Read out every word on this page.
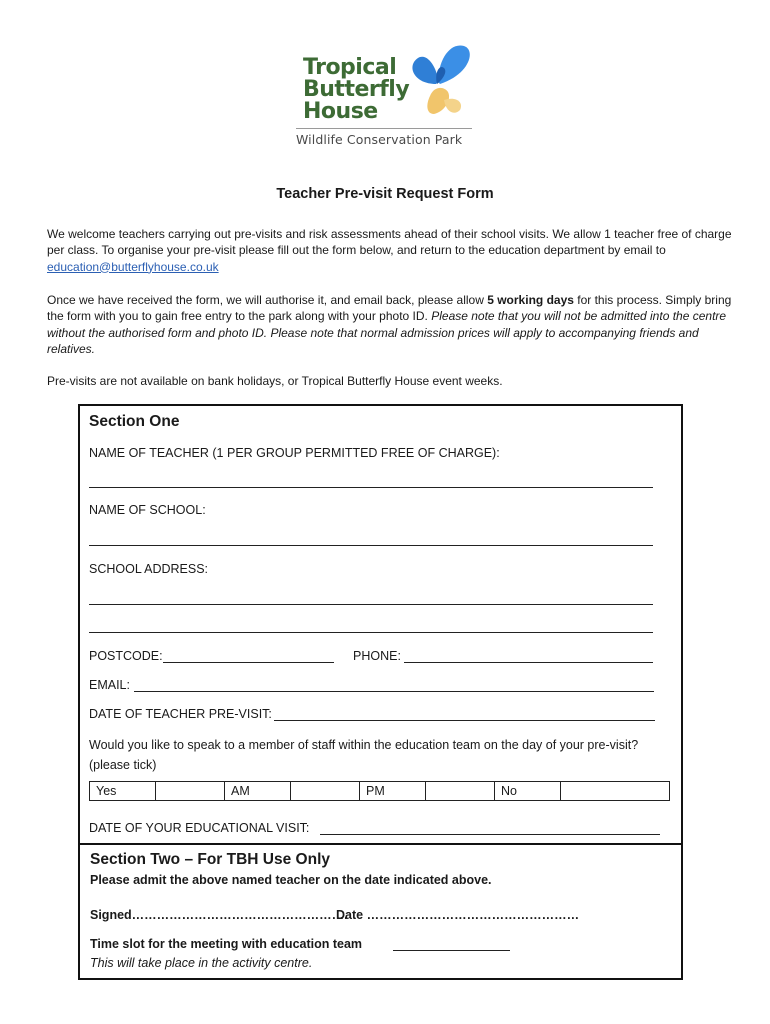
Tropical
Butterfly
House
Wildlife Conservation Park
Teacher Pre-visit Request Form
We welcome teachers carrying out pre-visits and risk assessments ahead of their school visits. We allow 1 teacher free of charge per class. To organise your pre-visit please fill out the form below, and return to the education department by email to education@butterflyhouse.co.uk
Once we have received the form, we will authorise it, and email back, please allow 5 working days for this process. Simply bring the form with you to gain free entry to the park along with your photo ID. Please note that you will not be admitted into the centre without the authorised form and photo ID. Please note that normal admission prices will apply to accompanying friends and relatives.
Pre-visits are not available on bank holidays, or Tropical Butterfly House event weeks.
Section One
NAME OF TEACHER (1 PER GROUP PERMITTED FREE OF CHARGE):
NAME OF SCHOOL:
SCHOOL ADDRESS:
POSTCODE:	PHONE:
EMAIL:
DATE OF TEACHER PRE-VISIT:
Would you like to speak to a member of staff within the education team on the day of your pre-visit? (please tick)
Yes		AM		PM		No	
DATE OF YOUR EDUCATIONAL VISIT:
Section Two – For TBH Use Only
Please admit the above named teacher on the date indicated above.
Signed…………………………………………….
Date ……………………………………………
Time slot for the meeting with education team
This will take place in the activity centre.
